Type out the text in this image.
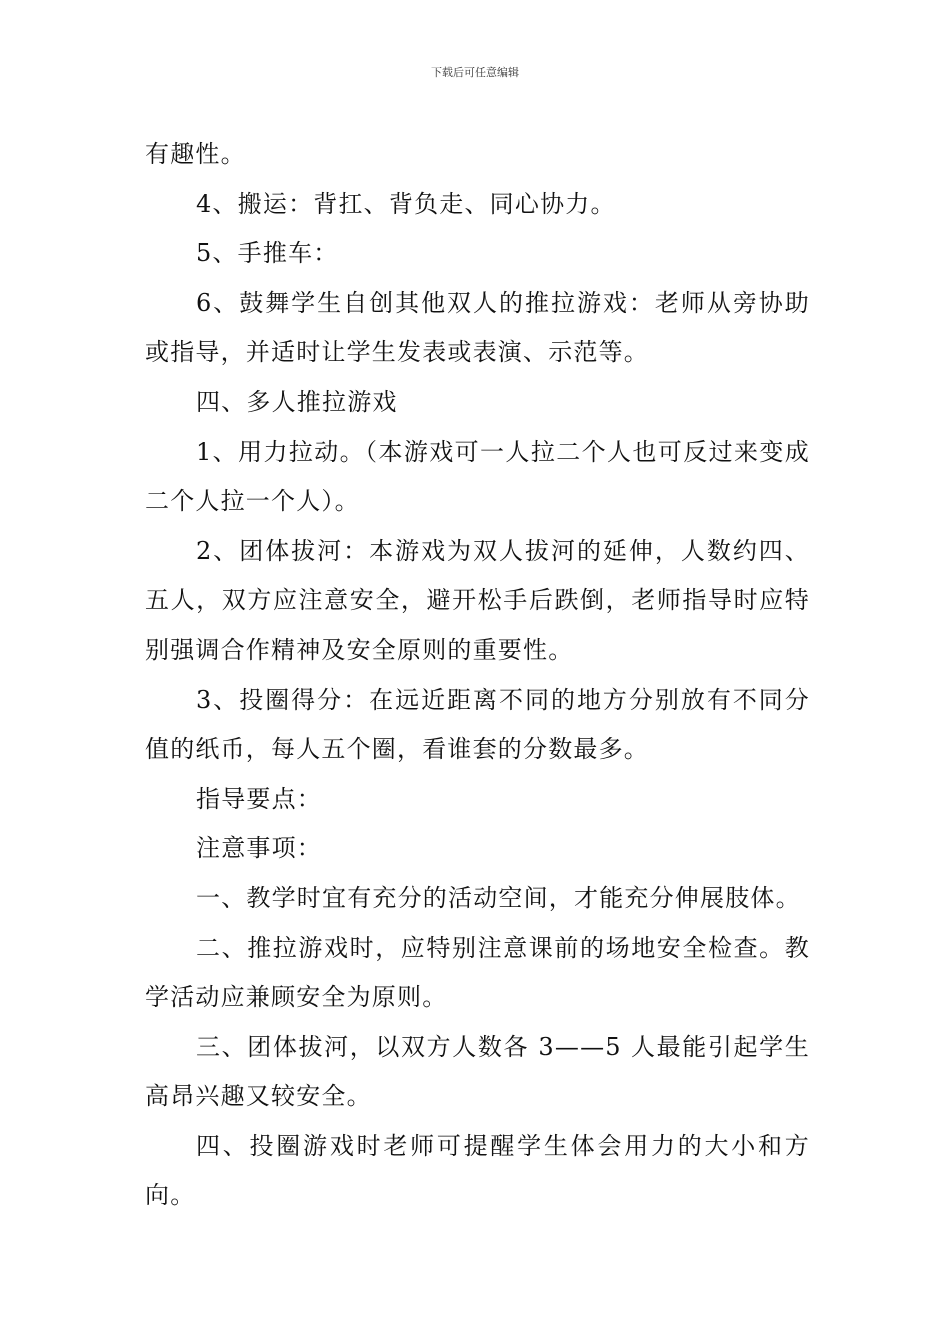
下载后可任意编辑

有趣性。

4、搬运：背扛、背负走、同心协力。

5、手推车：

6、鼓舞学生自创其他双人的推拉游戏：老师从旁协助或指导，并适时让学生发表或表演、示范等。

四、多人推拉游戏

1、用力拉动。（本游戏可一人拉二个人也可反过来变成二个人拉一个人）。

2、团体拔河：本游戏为双人拔河的延伸，人数约四、五人，双方应注意安全，避开松手后跌倒，老师指导时应特别强调合作精神及安全原则的重要性。

3、投圈得分：在远近距离不同的地方分别放有不同分值的纸币，每人五个圈，看谁套的分数最多。

指导要点：

注意事项：

一、教学时宜有充分的活动空间，才能充分伸展肢体。

二、推拉游戏时，应特别注意课前的场地安全检查。教学活动应兼顾安全为原则。

三、团体拔河，以双方人数各 3——5 人最能引起学生高昂兴趣又较安全。

四、投圈游戏时老师可提醒学生体会用力的大小和方向。
